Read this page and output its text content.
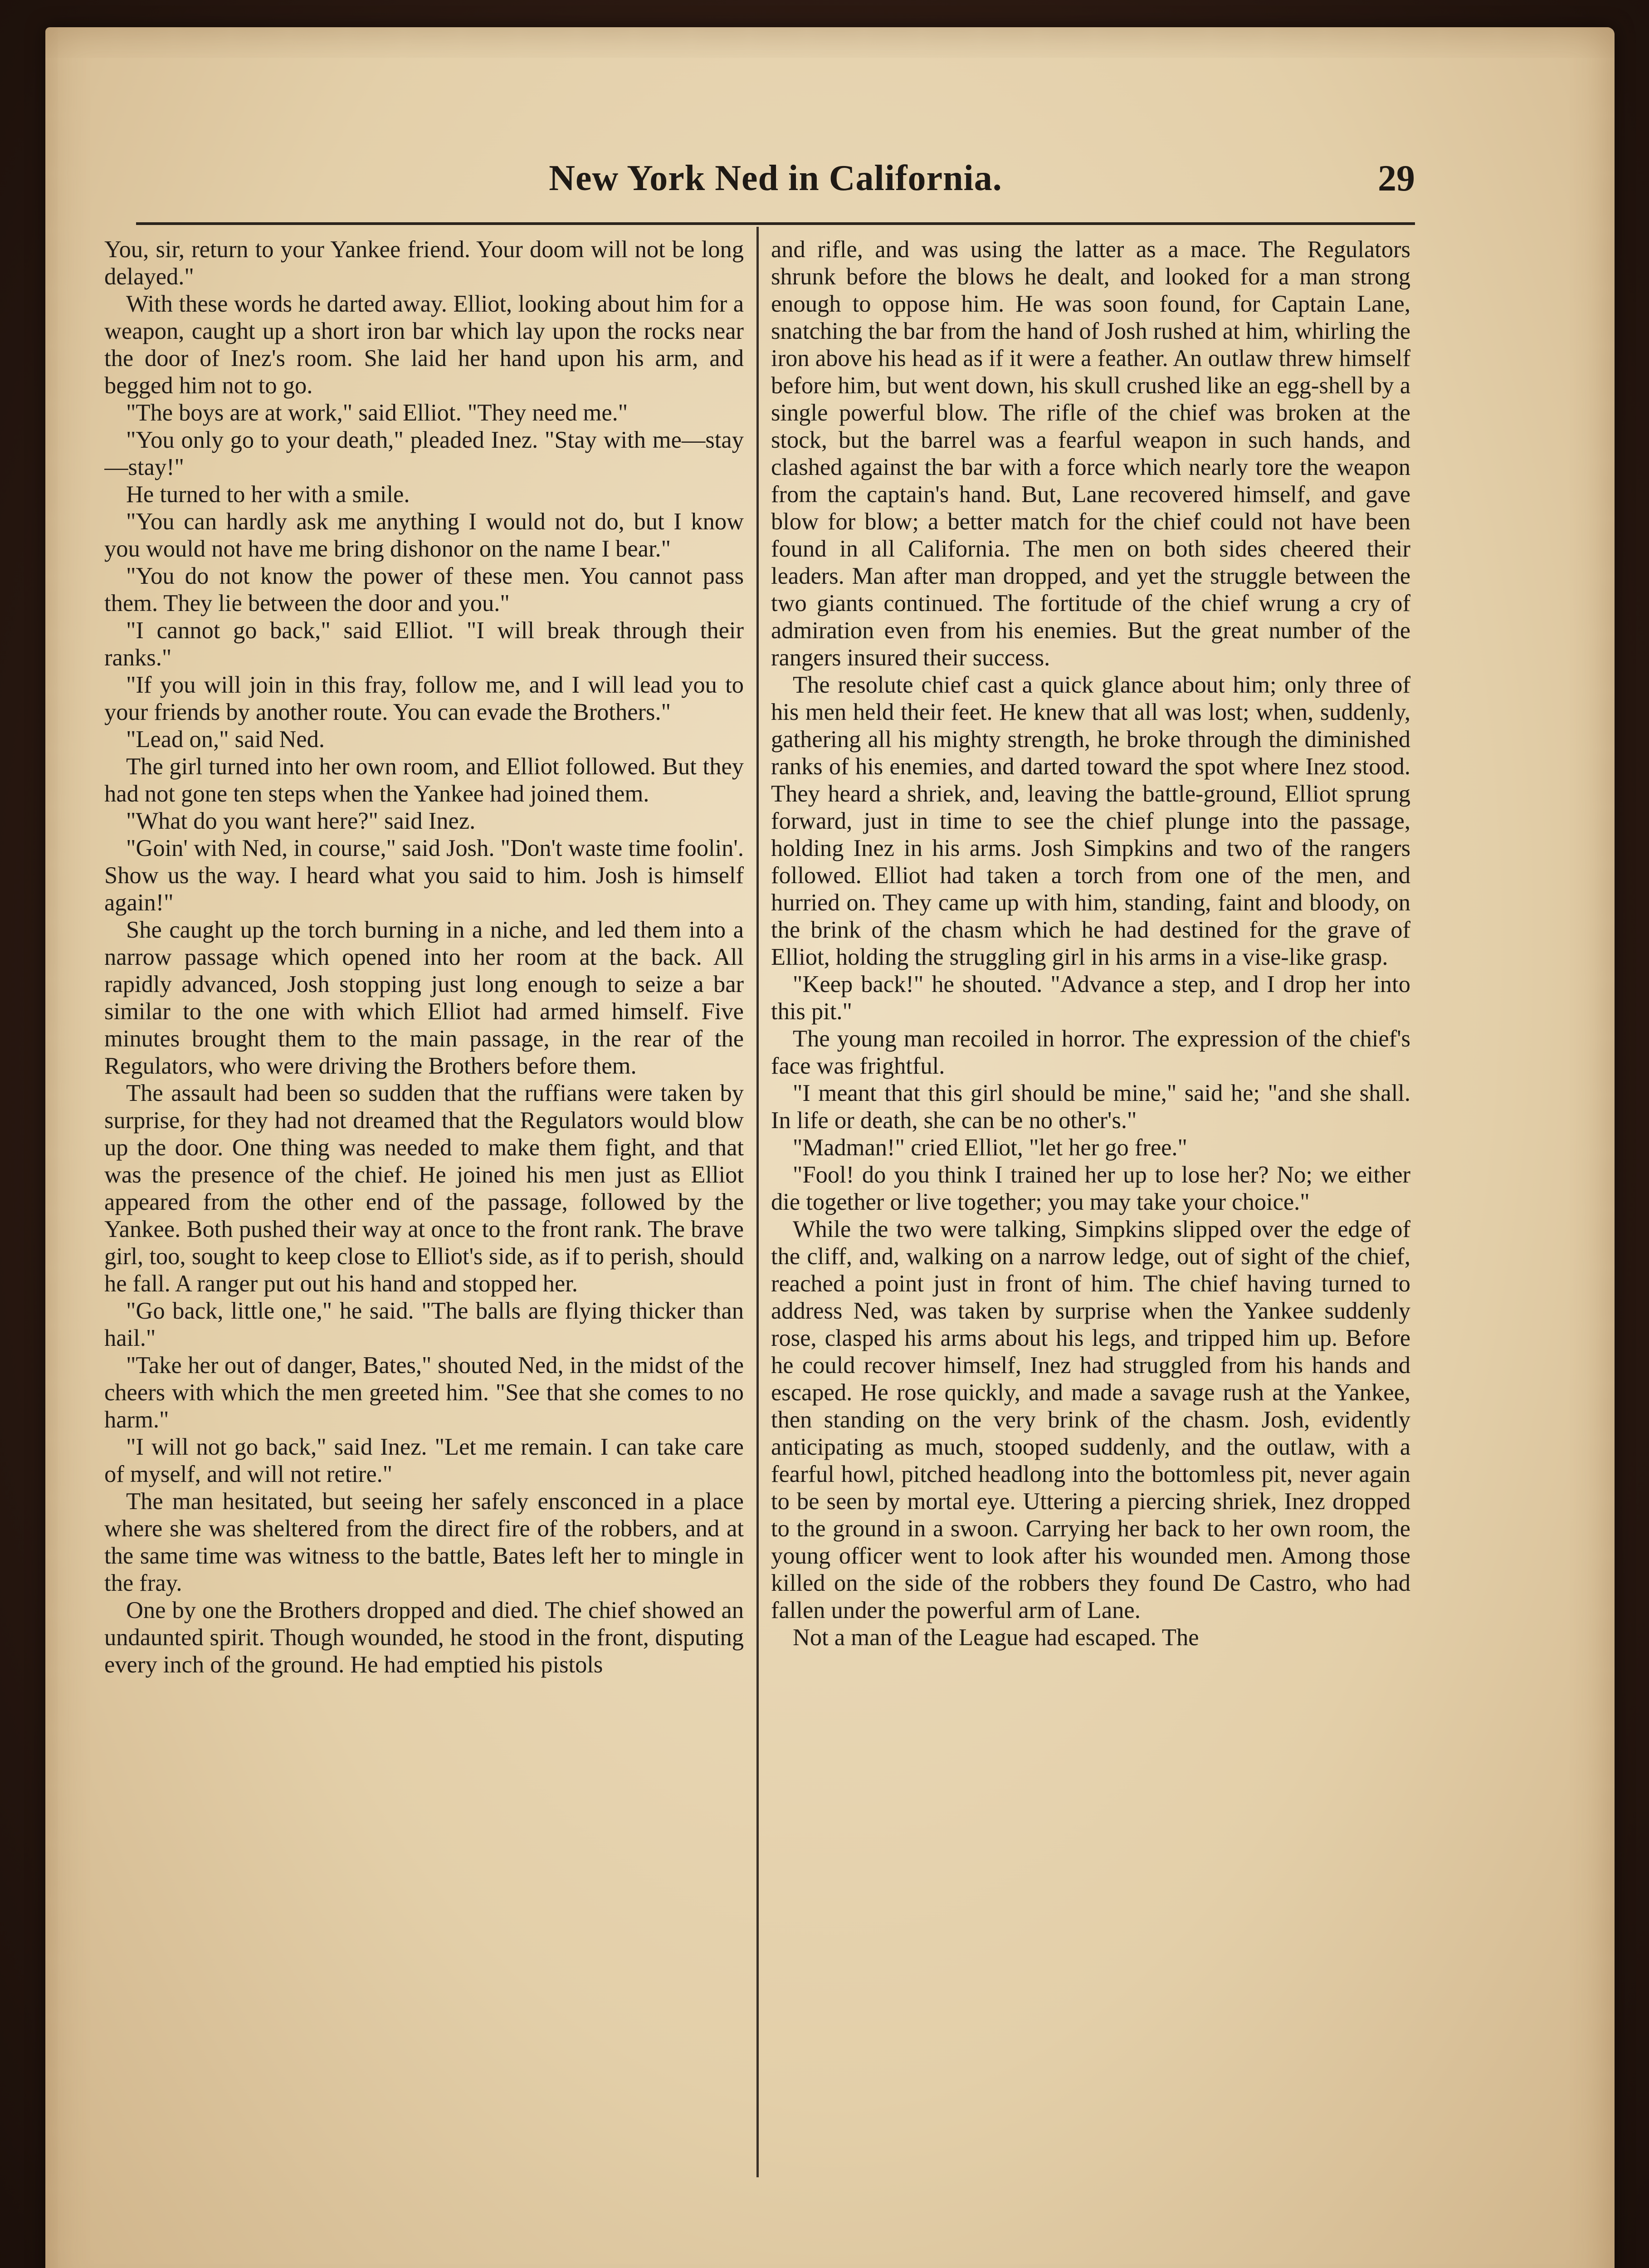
New York Ned in California.	29

You, sir, return to your Yankee friend. Your doom will not be long delayed."

With these words he darted away. Elliot, looking about him for a weapon, caught up a short iron bar which lay upon the rocks near the door of Inez's room. She laid her hand upon his arm, and begged him not to go.

"The boys are at work," said Elliot. "They need me."

"You only go to your death," pleaded Inez. "Stay with me—stay—stay!"

He turned to her with a smile.

"You can hardly ask me anything I would not do, but I know you would not have me bring dishonor on the name I bear."

"You do not know the power of these men. You cannot pass them. They lie between the door and you."

"I cannot go back," said Elliot. "I will break through their ranks."

"If you will join in this fray, follow me, and I will lead you to your friends by another route. You can evade the Brothers."

"Lead on," said Ned.

The girl turned into her own room, and Elliot followed. But they had not gone ten steps when the Yankee had joined them.

"What do you want here?" said Inez.

"Goin' with Ned, in course," said Josh. "Don't waste time foolin'. Show us the way. I heard what you said to him. Josh is himself again!"

She caught up the torch burning in a niche, and led them into a narrow passage which opened into her room at the back. All rapidly advanced, Josh stopping just long enough to seize a bar similar to the one with which Elliot had armed himself. Five minutes brought them to the main passage, in the rear of the Regulators, who were driving the Brothers before them.

The assault had been so sudden that the ruffians were taken by surprise, for they had not dreamed that the Regulators would blow up the door. One thing was needed to make them fight, and that was the presence of the chief. He joined his men just as Elliot appeared from the other end of the passage, followed by the Yankee. Both pushed their way at once to the front rank. The brave girl, too, sought to keep close to Elliot's side, as if to perish, should he fall. A ranger put out his hand and stopped her.

"Go back, little one," he said. "The balls are flying thicker than hail."

"Take her out of danger, Bates," shouted Ned, in the midst of the cheers with which the men greeted him. "See that she comes to no harm."

"I will not go back," said Inez. "Let me remain. I can take care of myself, and will not retire."

The man hesitated, but seeing her safely ensconced in a place where she was sheltered from the direct fire of the robbers, and at the same time was witness to the battle, Bates left her to mingle in the fray.

One by one the Brothers dropped and died. The chief showed an undaunted spirit. Though wounded, he stood in the front, disputing every inch of the ground. He had emptied his pistols

and rifle, and was using the latter as a mace. The Regulators shrunk before the blows he dealt, and looked for a man strong enough to oppose him. He was soon found, for Captain Lane, snatching the bar from the hand of Josh rushed at him, whirling the iron above his head as if it were a feather. An outlaw threw himself before him, but went down, his skull crushed like an egg-shell by a single powerful blow. The rifle of the chief was broken at the stock, but the barrel was a fearful weapon in such hands, and clashed against the bar with a force which nearly tore the weapon from the captain's hand. But, Lane recovered himself, and gave blow for blow; a better match for the chief could not have been found in all California. The men on both sides cheered their leaders. Man after man dropped, and yet the struggle between the two giants continued. The fortitude of the chief wrung a cry of admiration even from his enemies. But the great number of the rangers insured their success.

The resolute chief cast a quick glance about him; only three of his men held their feet. He knew that all was lost; when, suddenly, gathering all his mighty strength, he broke through the diminished ranks of his enemies, and darted toward the spot where Inez stood. They heard a shriek, and, leaving the battle-ground, Elliot sprung forward, just in time to see the chief plunge into the passage, holding Inez in his arms. Josh Simpkins and two of the rangers followed. Elliot had taken a torch from one of the men, and hurried on. They came up with him, standing, faint and bloody, on the brink of the chasm which he had destined for the grave of Elliot, holding the struggling girl in his arms in a vise-like grasp.

"Keep back!" he shouted. "Advance a step, and I drop her into this pit."

The young man recoiled in horror. The expression of the chief's face was frightful.

"I meant that this girl should be mine," said he; "and she shall. In life or death, she can be no other's."

"Madman!" cried Elliot, "let her go free."

"Fool! do you think I trained her up to lose her? No; we either die together or live together; you may take your choice."

While the two were talking, Simpkins slipped over the edge of the cliff, and, walking on a narrow ledge, out of sight of the chief, reached a point just in front of him. The chief having turned to address Ned, was taken by surprise when the Yankee suddenly rose, clasped his arms about his legs, and tripped him up. Before he could recover himself, Inez had struggled from his hands and escaped. He rose quickly, and made a savage rush at the Yankee, then standing on the very brink of the chasm. Josh, evidently anticipating as much, stooped suddenly, and the outlaw, with a fearful howl, pitched headlong into the bottomless pit, never again to be seen by mortal eye. Uttering a piercing shriek, Inez dropped to the ground in a swoon. Carrying her back to her own room, the young officer went to look after his wounded men. Among those killed on the side of the robbers they found De Castro, who had fallen under the powerful arm of Lane.

Not a man of the League had escaped. The
